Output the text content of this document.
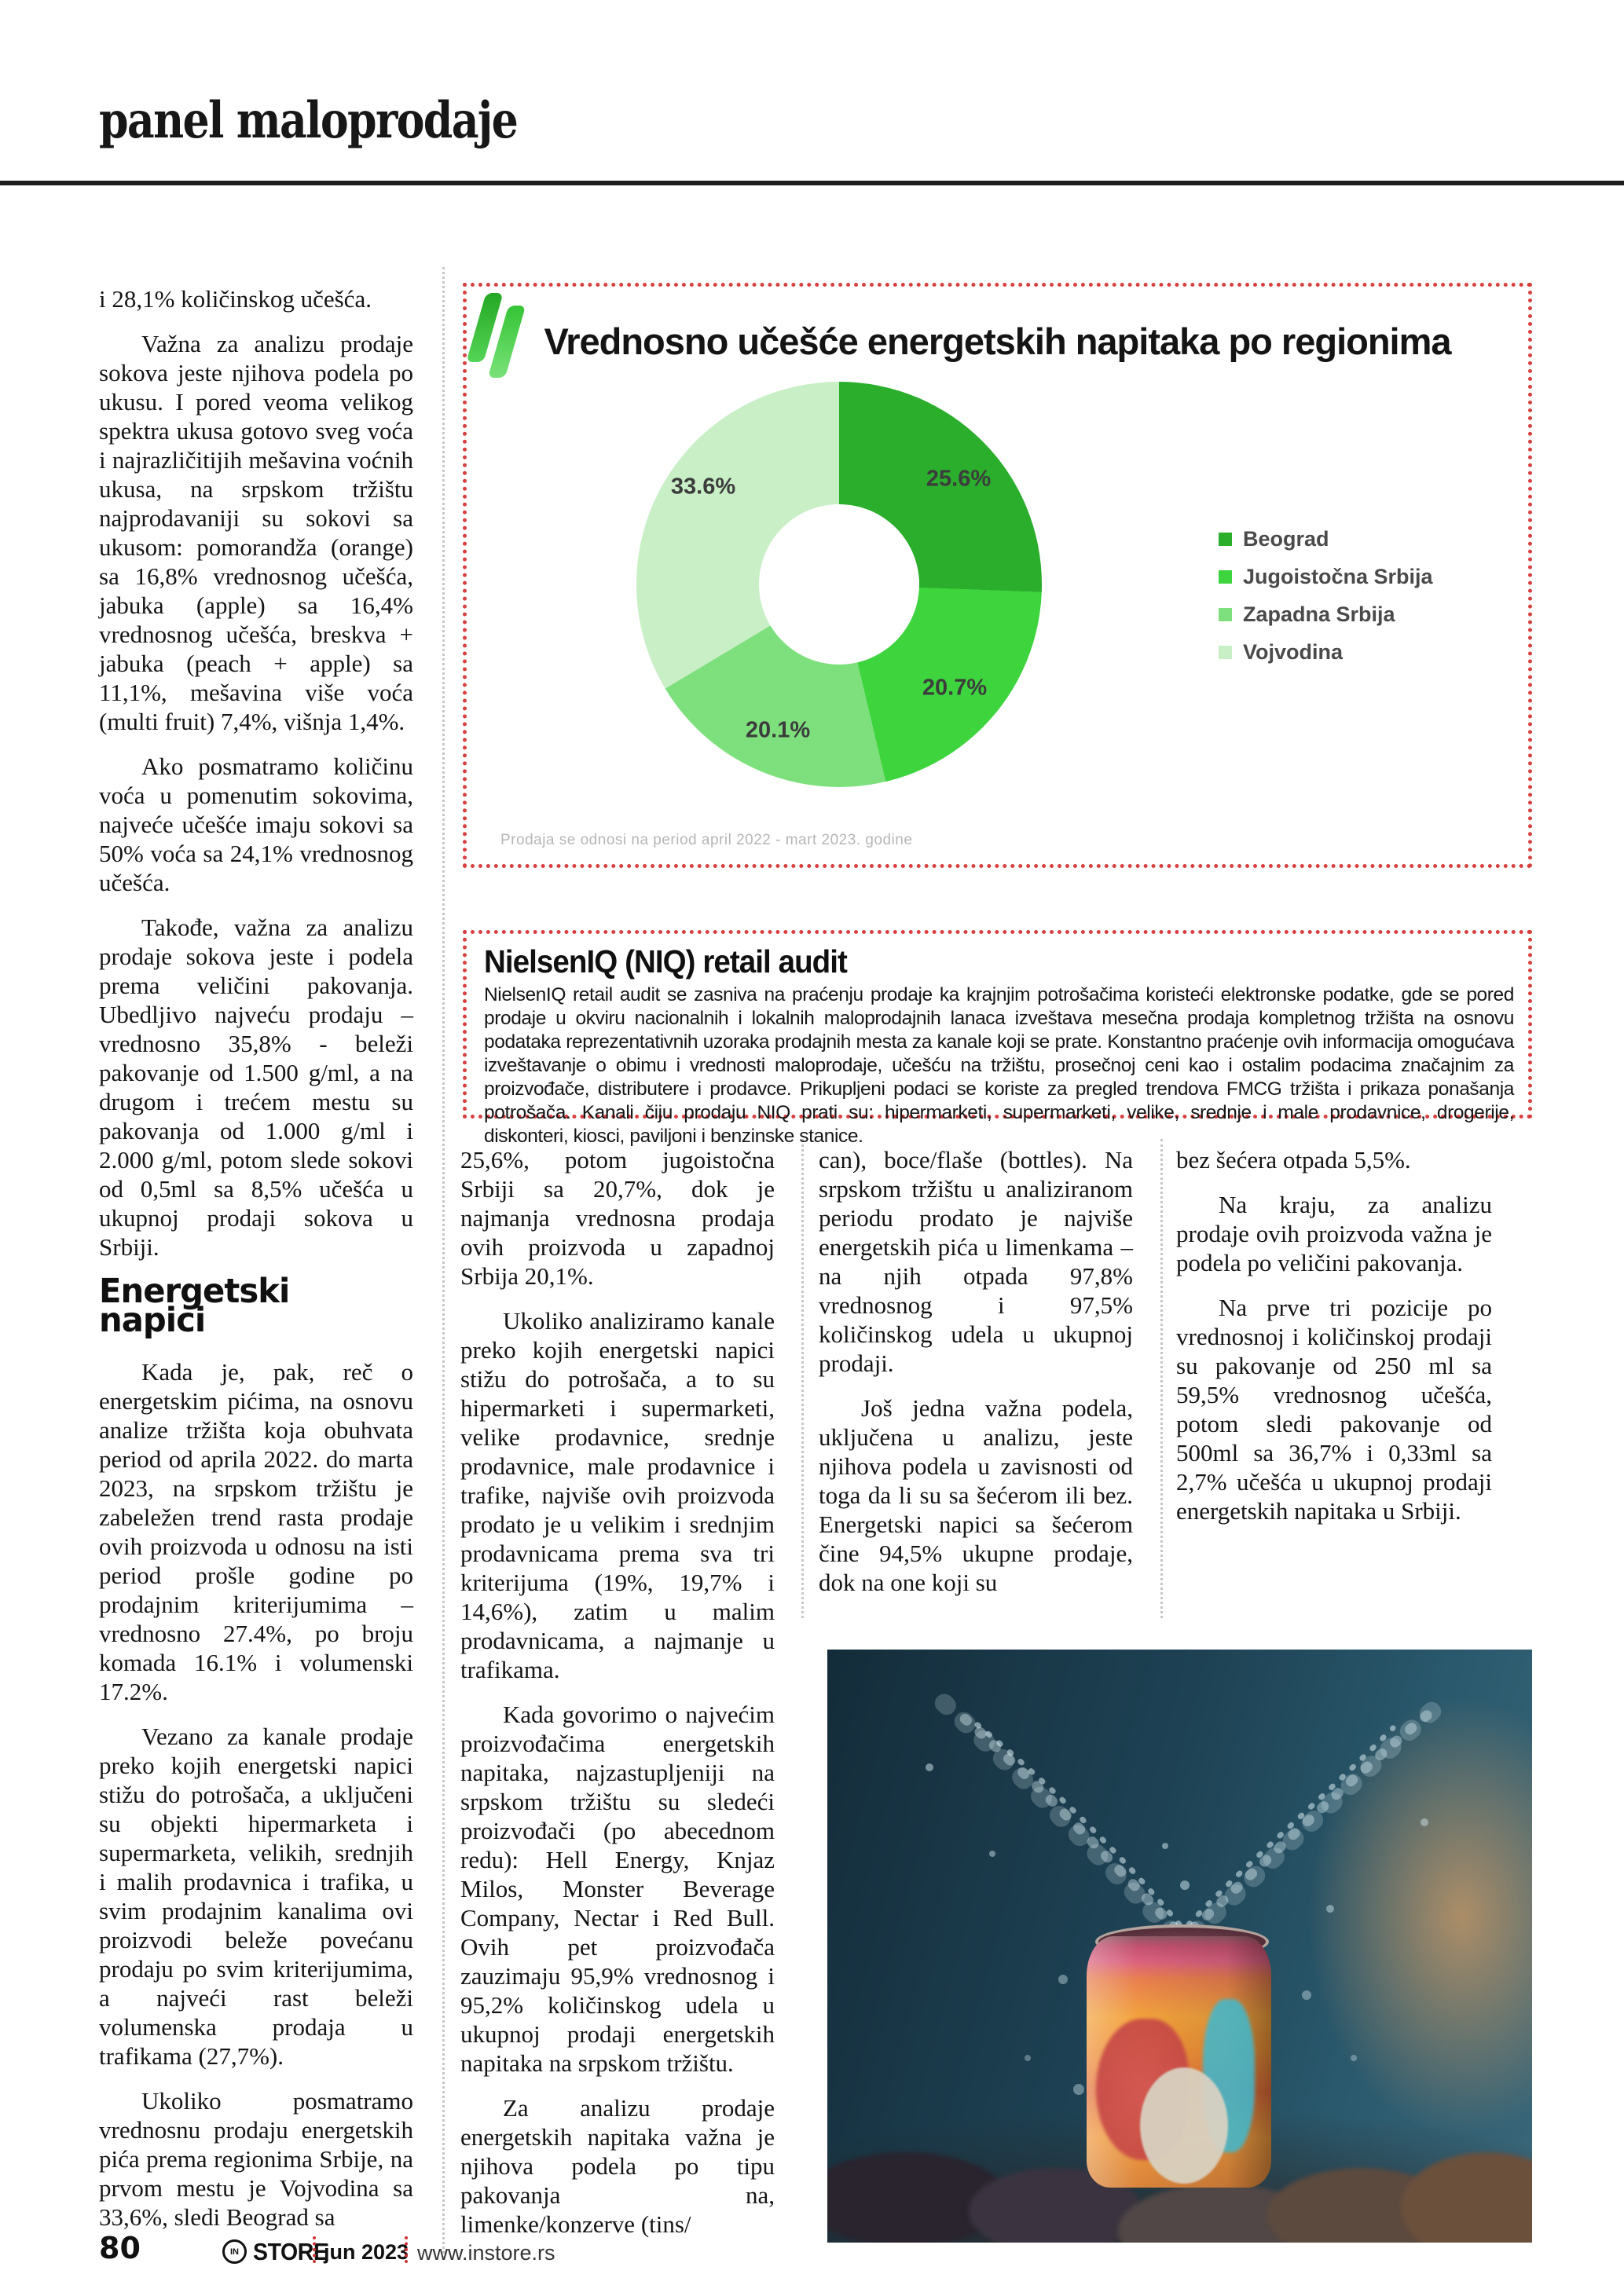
panel maloprodaje
Vrednosno učešće energetskih napitaka po regionima
25.6%
20.7%
20.1%
33.6%
Beograd
Jugoistočna Srbija
Zapadna Srbija
Vojvodina
Prodaja se odnosi na period april 2022 - mart 2023. godine
NielsenIQ (NIQ) retail audit
NielsenIQ retail audit se zasniva na praćenju prodaje ka krajnjim potrošačima koristeći elektronske podatke, gde se pored prodaje u okviru nacionalnih i lokalnih maloprodajnih lanaca izveštava mesečna prodaja kompletnog tržišta na osnovu podataka reprezentativnih uzoraka prodajnih mesta za kanale koji se prate. Konstantno praćenje ovih informacija omogućava izveštavanje o obimu i vrednosti maloprodaje, učešću na tržištu, prosečnoj ceni kao i ostalim podacima značajnim za proizvođače, distributere i prodavce. Prikupljeni podaci se koriste za pregled trendova FMCG tržišta i prikaza ponašanja potrošača. Kanali čiju prodaju NIQ prati su: hipermarketi, supermarketi, velike, srednje i male prodavnice, drogerije, diskonteri, kiosci, paviljoni i benzinske stanice.

i 28,1% količinskog učešća.

Važna za analizu prodaje sokova jeste njihova podela po ukusu. I pored veoma velikog spektra ukusa gotovo sveg voća i najrazličitijih mešavina voćnih ukusa, na srpskom tržištu najprodavaniji su sokovi sa ukusom: pomorandža (orange) sa 16,8% vrednosnog učešća, jabuka (apple) sa 16,4% vrednosnog učešća, breskva + jabuka (peach + apple) sa 11,1%, mešavina više voća (multi fruit) 7,4%, višnja 1,4%.

Ako posmatramo količinu voća u pomenutim sokovima, najveće učešće imaju sokovi sa 50% voća sa 24,1% vrednosnog učešća.

Takođe, važna za analizu prodaje sokova jeste i podela prema veličini pakovanja. Ubedljivo najveću prodaju – vrednosno 35,8% - beleži pakovanje od 1.500 g/ml, a na drugom i trećem mestu su pakovanja od 1.000 g/ml i 2.000 g/ml, potom slede sokovi od 0,5ml sa 8,5% učešća u ukupnoj prodaji sokova u Srbiji.

Energetski napici

Kada je, pak, reč o energetskim pićima, na osnovu analize tržišta koja obuhvata period od aprila 2022. do marta 2023, na srpskom tržištu je zabeležen trend rasta prodaje ovih proizvoda u odnosu na isti period prošle godine po prodajnim kriterijumima – vrednosno 27.4%, po broju komada 16.1% i volumenski 17.2%.

Vezano za kanale prodaje preko kojih energetski napici stižu do potrošača, a uključeni su objekti hipermarketa i supermarketa, velikih, srednjih i malih prodavnica i trafika, u svim prodajnim kanalima ovi proizvodi beleže povećanu prodaju po svim kriterijumima, a najveći rast beleži volumenska prodaja u trafikama (27,7%).

Ukoliko posmatramo vrednosnu prodaju energetskih pića prema regionima Srbije, na prvom mestu je Vojvodina sa 33,6%, sledi Beograd sa

25,6%, potom jugoistočna Srbiji sa 20,7%, dok je najmanja vrednosna prodaja ovih proizvoda u zapadnoj Srbija 20,1%.

Ukoliko analiziramo kanale preko kojih energetski napici stižu do potrošača, a to su hipermarketi i supermarketi, velike prodavnice, srednje prodavnice, male prodavnice i trafike, najviše ovih proizvoda prodato je u velikim i srednjim prodavnicama prema sva tri kriterijuma (19%, 19,7% i 14,6%), zatim u malim prodavnicama, a najmanje u trafikama.

Kada govorimo o najvećim proizvođačima energetskih napitaka, najzastupljeniji na srpskom tržištu su sledeći proizvođači (po abecednom redu): Hell Energy, Knjaz Milos, Monster Beverage Company, Nectar i Red Bull. Ovih pet proizvođača zauzimaju 95,9% vrednosnog i 95,2% količinskog udela u ukupnoj prodaji energetskih napitaka na srpskom tržištu.

Za analizu prodaje energetskih napitaka važna je njihova podela po tipu pakovanja na, limenke/konzerve (tins/

can), boce/flaše (bottles). Na srpskom tržištu u analiziranom periodu prodato je najviše energetskih pića u limenkama – na njih otpada 97,8% vrednosnog i 97,5% količinskog udela u ukupnoj prodaji.

Još jedna važna podela, uključena u analizu, jeste njihova podela u zavisnosti od toga da li su sa šećerom ili bez. Energetski napici sa šećerom čine 94,5% ukupne prodaje, dok na one koji su

bez šećera otpada 5,5%.

Na kraju, za analizu prodaje ovih proizvoda važna je podela po veličini pakovanja.

Na prve tri pozicije po vrednosnoj i količinskoj prodaji su pakovanje od 250 ml sa 59,5% vrednosnog učešća, potom sledi pakovanje od 500ml sa 36,7% i 0,33ml sa 2,7% učešća u ukupnoj prodaji energetskih napitaka u Srbiji.

80	IN STORE
jun 2023 www.instore.rs
